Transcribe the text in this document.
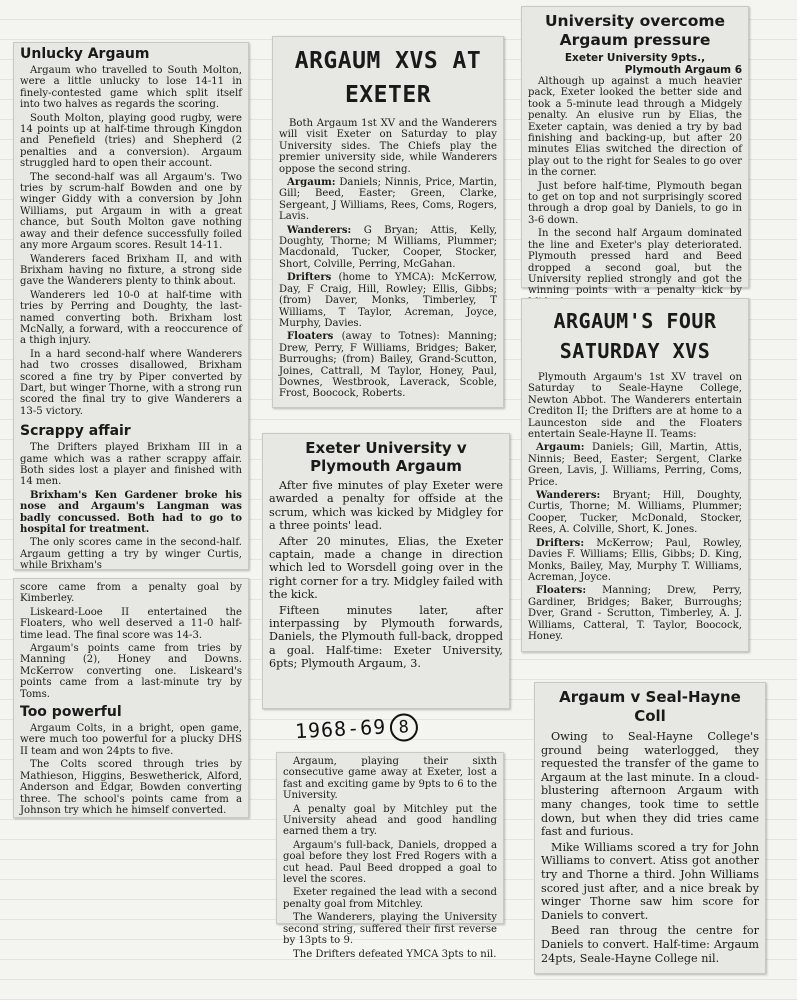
Unlucky Argaum

Argaum who travelled to South Molton, were a little unlucky to lose 14-11 in finely-contested game which split itself into two halves as regards the scoring.

South Molton, playing good rugby, were 14 points up at half-time through Kingdon and Penefield (tries) and Shepherd (2 penalties and a conversion). Argaum struggled hard to open their account.

The second-half was all Argaum's. Two tries by scrum-half Bowden and one by winger Giddy with a conversion by John Williams, put Argaum in with a great chance, but South Molton gave nothing away and their defence successfully foiled any more Argaum scores. Result 14-11.

Wanderers faced Brixham II, and with Brixham having no fixture, a strong side gave the Wanderers plenty to think about.

Wanderers led 10-0 at half-time with tries by Perring and Doughty, the last-named converting both. Brixham lost McNally, a forward, with a reoccurence of a thigh injury.

In a hard second-half where Wanderers had two crosses disallowed, Brixham scored a fine try by Piper converted by Dart, but winger Thorne, with a strong run scored the final try to give Wanderers a 13-5 victory.

Scrappy affair

The Drifters played Brixham III in a game which was a rather scrappy affair. Both sides lost a player and finished with 14 men.

Brixham's Ken Gardener broke his nose and Argaum's Langman was badly concussed. Both had to go to hospital for treatment.

The only scores came in the second-half. Argaum getting a try by winger Curtis, while Brixham's

score came from a penalty goal by Kimberley.

Liskeard-Looe II entertained the Floaters, who well deserved a 11-0 half-time lead. The final score was 14-3.

Argaum's points came from tries by Manning (2), Honey and Downs. McKerrow converting one. Liskeard's points came from a last-minute try by Toms.

Too powerful

Argaum Colts, in a bright, open game, were much too powerful for a plucky DHS II team and won 24pts to five.

The Colts scored through tries by Mathieson, Higgins, Beswetherick, Alford, Anderson and Edgar, Bowden converting three. The school's points came from a Johnson try which he himself converted.

ARGAUM XVS AT EXETER

Both Argaum 1st XV and the Wanderers will visit Exeter on Saturday to play University sides. The Chiefs play the premier university side, while Wanderers oppose the second string.

Argaum: Daniels; Ninnis, Price, Martin, Gill; Beed, Easter; Green, Clarke, Sergeant, J Williams, Rees, Coms, Rogers, Lavis.

Wanderers: G Bryan; Attis, Kelly, Doughty, Thorne; M Williams, Plummer; Macdonald, Tucker, Cooper, Stocker, Short, Colville, Perring, McGahan.

Drifters (home to YMCA): McKerrow, Day, F Craig, Hill, Rowley; Ellis, Gibbs; (from) Daver, Monks, Timberley, T Williams, T Taylor, Acreman, Joyce, Murphy, Davies.

Floaters (away to Totnes): Manning; Drew, Perry, F Williams, Bridges; Baker, Burroughs; (from) Bailey, Grand-Scutton, Joines, Cattrall, M Taylor, Honey, Paul, Downes, Westbrook, Laverack, Scoble, Frost, Boocock, Roberts.

Exeter University v Plymouth Argaum

After five minutes of play Exeter were awarded a penalty for offside at the scrum, which was kicked by Midgley for a three points' lead.

After 20 minutes, Elias, the Exeter captain, made a change in direction which led to Worsdell going over in the right corner for a try. Midgley failed with the kick.

Fifteen minutes later, after interpassing by Plymouth forwards, Daniels, the Plymouth full-back, dropped a goal. Half-time: Exeter University, 6pts; Plymouth Argaum, 3.

1968-69 8

Argaum, playing their sixth consecutive game away at Exeter, lost a fast and exciting game by 9pts to 6 to the University.

A penalty goal by Mitchley put the University ahead and good handling earned them a try.

Argaum's full-back, Daniels, dropped a goal before they lost Fred Rogers with a cut head. Paul Beed dropped a goal to level the scores.

Exeter regained the lead with a second penalty goal from Mitchley.

The Wanderers, playing the University second string, suffered their first reverse by 13pts to 9.

The Drifters defeated YMCA 3pts to nil.

University overcome Argaum pressure
Exeter University 9pts.,
Plymouth Argaum 6

Although up against a much heavier pack, Exeter looked the better side and took a 5-minute lead through a Midgely penalty. An elusive run by Elias, the Exeter captain, was denied a try by bad finishing and backing-up, but after 20 minutes Elias switched the direction of play out to the right for Seales to go over in the corner.

Just before half-time, Plymouth began to get on top and not surprisingly scored through a drop goal by Daniels, to go in 3-6 down.

In the second half Argaum dominated the line and Exeter's play deteriorated. Plymouth pressed hard and Beed dropped a second goal, but the University replied strongly and got the winning points with a penalty kick by

ARGAUM'S FOUR SATURDAY XVS

Plymouth Argaum's 1st XV travel on Saturday to Seale-Hayne College, Newton Abbot. The Wanderers entertain Crediton II; the Drifters are at home to a Launceston side and the Floaters entertain Seale-Hayne II. Teams:

Argaum: Daniels; Gill, Martin, Attis, Ninnis; Beed, Easter; Sergent, Clarke Green, Lavis, J. Williams, Perring, Coms, Price.

Wanderers: Bryant; Hill, Doughty, Curtis, Thorne; M. Williams, Plummer; Cooper, Tucker, McDonald, Stocker, Rees, A. Colville, Short, K. Jones.

Drifters: McKerrow; Paul, Rowley, Davies F. Williams; Ellis, Gibbs; D. King, Monks, Bailey, May, Murphy T. Williams, Acreman, Joyce.

Floaters: Manning; Drew, Perry, Gardiner, Bridges; Baker, Burroughs; Dver, Grand - Scrutton, Timberley, A. J. Williams, Catteral, T. Taylor, Boocock, Honey.

Argaum v Seal-Hayne Coll

Owing to Seal-Hayne College's ground being waterlogged, they requested the transfer of the game to Argaum at the last minute. In a cloud-blustering afternoon Argaum with many changes, took time to settle down, but when they did tries came fast and furious.

Mike Williams scored a try for John Williams to convert. Atiss got another try and Thorne a third. John Williams scored just after, and a nice break by winger Thorne saw him score for Daniels to convert.

Beed ran throug the centre for Daniels to convert. Half-time: Argaum 24pts, Seale-Hayne College nil.
